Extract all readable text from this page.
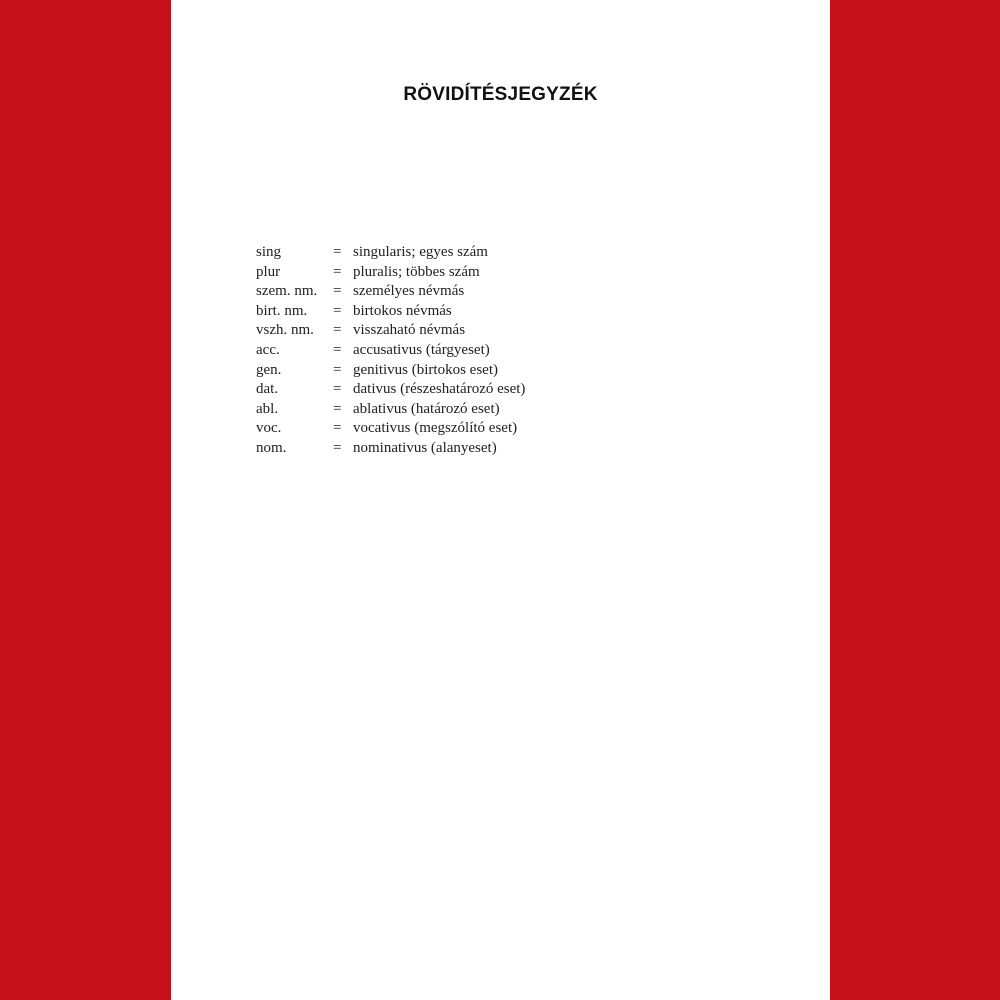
RÖVIDÍTÉSJEGYZÉK
sing	= singularis; egyes szám
plur	= pluralis; többes szám
szem. nm. = személyes névmás
birt. nm. = birtokos névmás
vszh. nm. = visszaható névmás
acc.	= accusativus (tárgyeset)
gen.	= genitivus (birtokos eset)
dat.	= dativus (részeshatározó eset)
abl.	= ablativus (határozó eset)
voc.	= vocativus (megszólító eset)
nom.	= nominativus (alanyeset)
